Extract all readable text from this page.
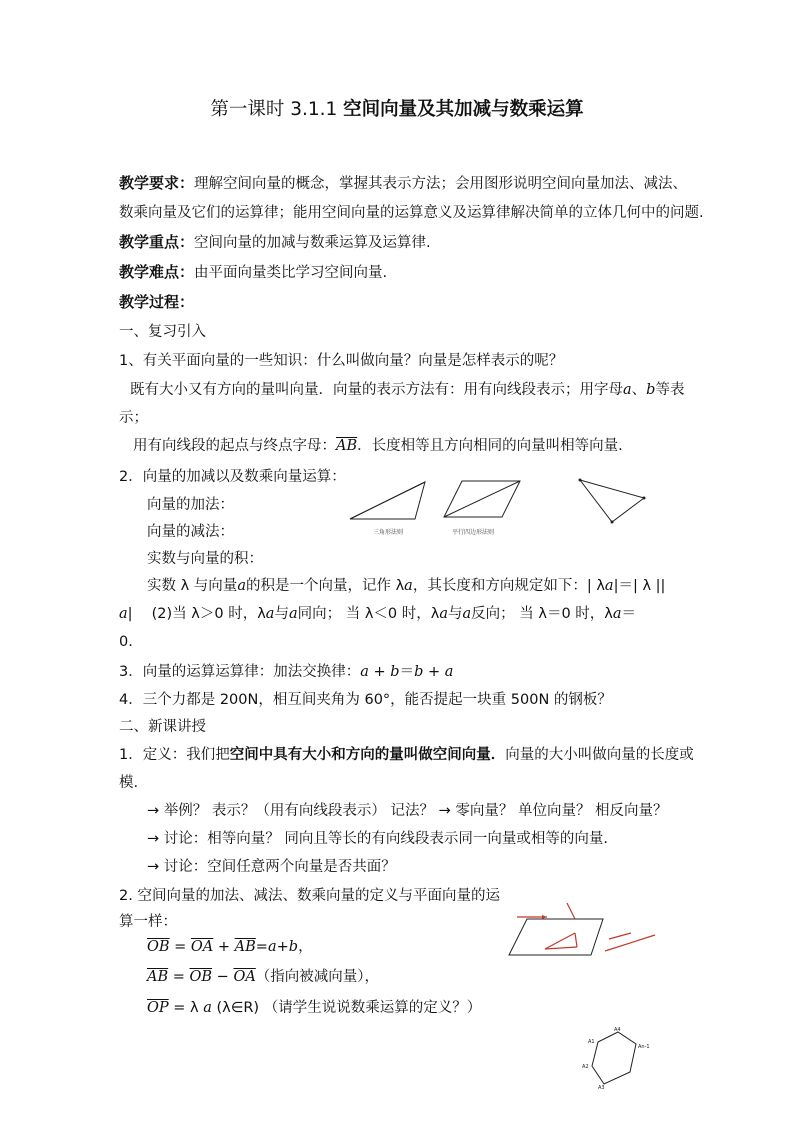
第一课时 3.1.1 空间向量及其加减与数乘运算
教学要求：理解空间向量的概念，掌握其表示方法；会用图形说明空间向量加法、减法、
数乘向量及它们的运算律；能用空间向量的运算意义及运算律解决简单的立体几何中的问题.
教学重点：空间向量的加减与数乘运算及运算律.
教学难点：由平面向量类比学习空间向量.
教学过程：
一、复习引入
1、有关平面向量的一些知识：什么叫做向量？向量是怎样表示的呢？
既有大小又有方向的量叫向量．向量的表示方法有：用有向线段表示；用字母a、b等表
示；
用有向线段的起点与终点字母：$\overline{AB}$．长度相等且方向相同的向量叫相等向量.
2．向量的加减以及数乘向量运算：
向量的加法：
向量的减法：
实数与向量的积：
实数 λ 与向量a的积是一个向量，记作 λa，其长度和方向规定如下：| λa|＝| λ ||
a|　 (2)当 λ＞0 时，λa与a同向； 当 λ＜0 时，λa与a反向； 当 λ＝0 时，λa＝
0.
3．向量的运算运算律：加法交换律：a + b＝b + a
4．三个力都是 200N，相互间夹角为 60°，能否提起一块重 500N 的钢板？
二、新课讲授
1．定义：我们把空间中具有大小和方向的量叫做空间向量．向量的大小叫做向量的长度或
模.
→ 举例？ 表示？（用有向线段表示） 记法？ → 零向量？ 单位向量？ 相反向量？
→ 讨论：相等向量？ 同向且等长的有向线段表示同一向量或相等的向量.
→ 讨论：空间任意两个向量是否共面？
2. 空间向量的加法、减法、数乘向量的定义与平面向量的运
算一样：
$\overline{OB} = \overline{OA} + \overline{AB}=a+b$，
$\overline{AB} = \overline{OB} - \overline{OA}$（指向被减向量），
$\overline{OP} = \lambda$ a (λ∈R) （请学生说说数乘运算的定义？）
三角形法则	平行四边形法则
A1
A2
A3
A4
An-1
